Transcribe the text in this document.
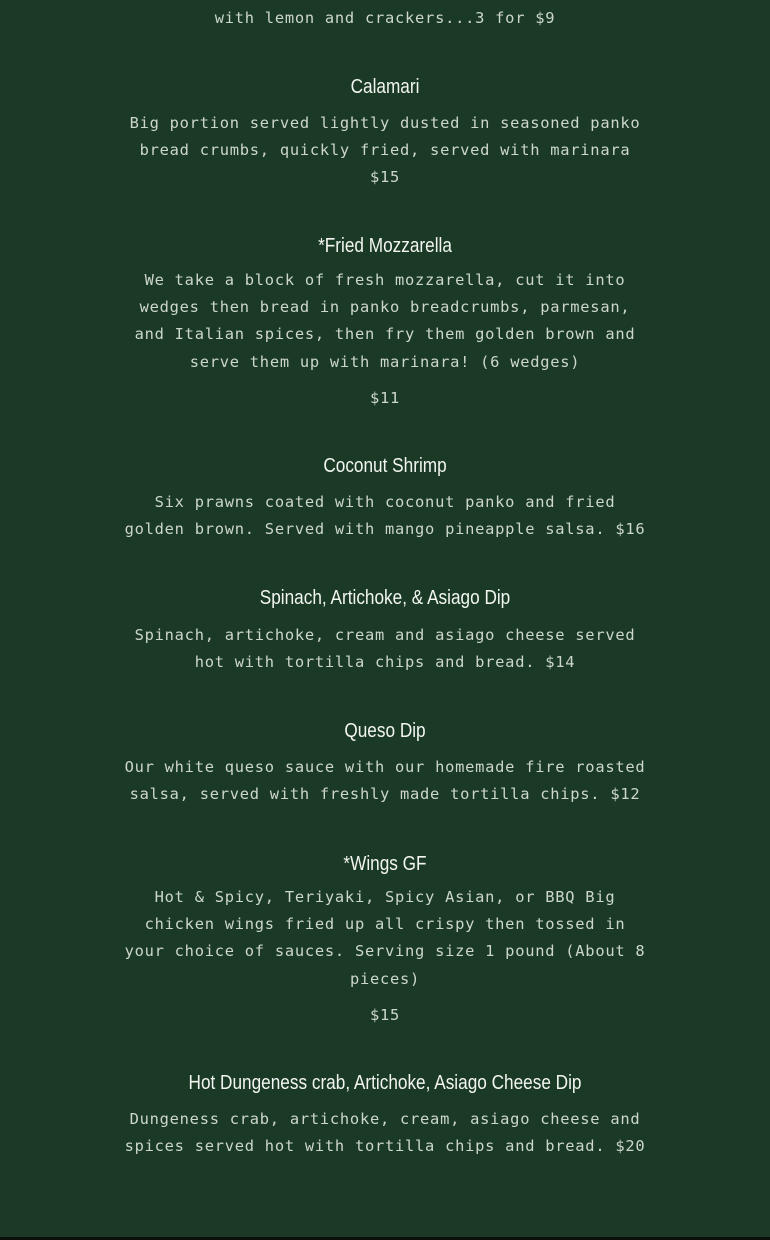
with lemon and crackers...3 for $9

Calamari

Big portion served lightly dusted in seasoned panko bread crumbs, quickly fried, served with marinara $15

*Fried Mozzarella

We take a block of fresh mozzarella, cut it into wedges then bread in panko breadcrumbs, parmesan, and Italian spices, then fry them golden brown and serve them up with marinara! (6 wedges)

$11
Coconut Shrimp

Six prawns coated with coconut panko and fried golden brown. Served with mango pineapple salsa. $16

Spinach, Artichoke, & Asiago Dip

Spinach, artichoke, cream and asiago cheese served hot with tortilla chips and bread. $14

Queso Dip

Our white queso sauce with our homemade fire roasted salsa, served with freshly made tortilla chips. $12

*Wings GF

Hot & Spicy, Teriyaki, Spicy Asian, or BBQ Big chicken wings fried up all crispy then tossed in your choice of sauces. Serving size 1 pound (About 8 pieces)

$15
Hot Dungeness crab, Artichoke, Asiago Cheese Dip

Dungeness crab, artichoke, cream, asiago cheese and spices served hot with tortilla chips and bread. $20
